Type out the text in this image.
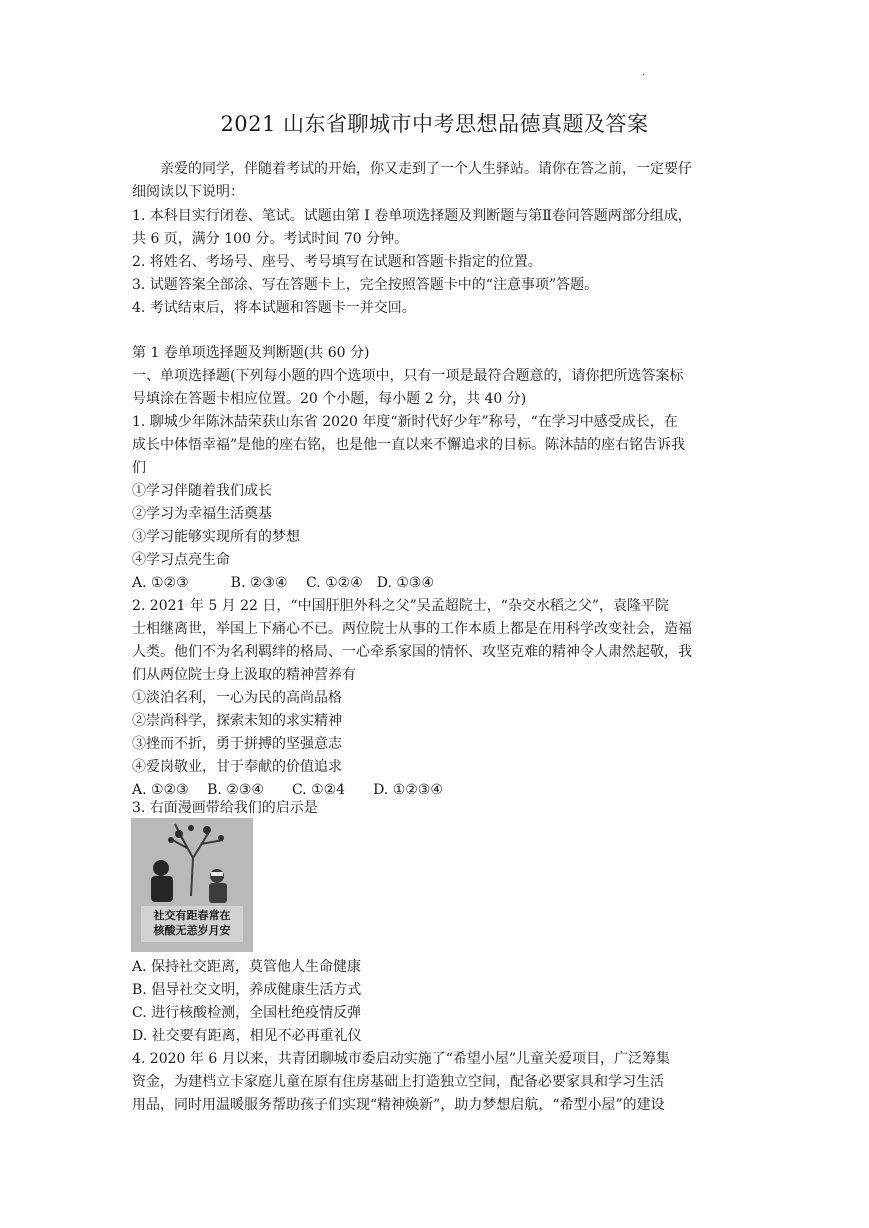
·
2021 山东省聊城市中考思想品德真题及答案
亲爱的同学，伴随着考试的开始，你又走到了一个人生驿站。请你在答之前，一定要仔
细阅读以下说明：
1. 本科目实行闭卷、笔试。试题由第 I 卷单项选择题及判断题与第Ⅱ卷问答题两部分组成，
共 6 页，满分 100 分。考试时间 70 分钟。
2. 将姓名、考场号、座号、考号填写在试题和答题卡指定的位置。
3. 试题答案全部涂、写在答题卡上，完全按照答题卡中的“注意事项”答题。
4. 考试结束后，将本试题和答题卡一并交回。
第 1 卷单项选择题及判断题(共 60 分)
一、单项选择题(下列每小题的四个选项中，只有一项是最符合题意的，请你把所选答案标
号填涂在答题卡相应位置。20 个小题，每小题 2 分，共 40 分)
1. 聊城少年陈沐喆荣获山东省 2020 年度“新时代好少年”称号，“在学习中感受成长，在
成长中体悟幸福”是他的座右铭，也是他一直以来不懈追求的目标。陈沐喆的座右铭告诉我
们
①学习伴随着我们成长
②学习为幸福生活奠基
③学习能够实现所有的梦想
④学习点亮生命
A. ①②③　　　B. ②③④　 C. ①②④　D. ①③④
2. 2021 年 5 月 22 日，“中国肝胆外科之父”吴孟超院士，“杂交水稻之父”，袁隆平院
士相继离世，举国上下痛心不已。两位院士从事的工作本质上都是在用科学改变社会，造福
人类。他们不为名利羁绊的格局、一心牵系家国的情怀、攻坚克难的精神令人肃然起敬，我
们从两位院士身上汲取的精神营养有
①淡泊名利，一心为民的高尚品格
②崇尚科学，探索未知的求实精神
③挫而不折，勇于拼搏的坚强意志
④爱岗敬业，甘于奉献的价值追求
A. ①②③　 B. ②③④　　C. ①②4　　D. ①②③④
3. 右面漫画带给我们的启示是
社交有距春常在
核酸无恙岁月安
A. 保持社交距离，莫管他人生命健康
B. 倡导社交文明，养成健康生活方式
C. 进行核酸检测，全国杜绝疫情反弹
D. 社交要有距离，相见不必再重礼仪
4. 2020 年 6 月以来，共青团聊城市委启动实施了“希望小屋”儿童关爱项目，广泛筹集
资金，为建档立卡家庭儿童在原有住房基础上打造独立空间，配备必要家具和学习生活
用品，同时用温暖服务帮助孩子们实现“精神焕新”，助力梦想启航，“希型小屋”的建设
